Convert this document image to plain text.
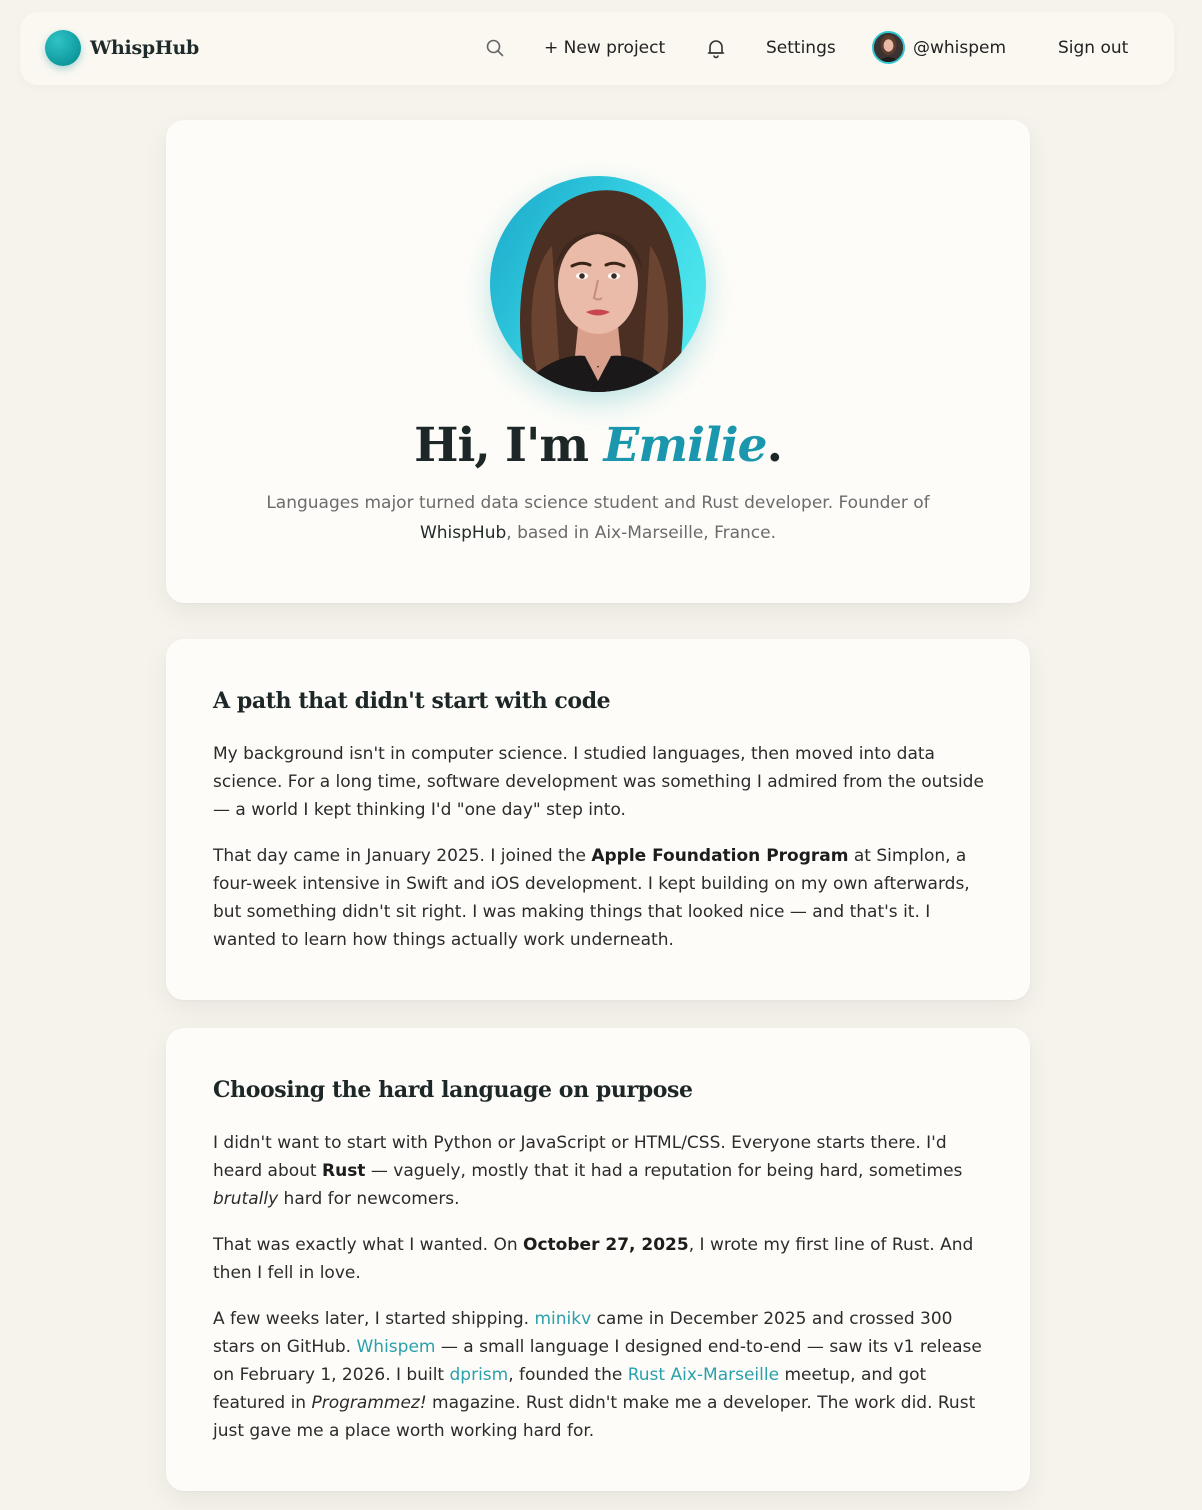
WhispHub	+ New project	Settings	@whispem	Sign out
Hi, I'm Emilie.

Languages major turned data science student and Rust developer. Founder of WhispHub, based in Aix-Marseille, France.

A path that didn't start with code

My background isn't in computer science. I studied languages, then moved into data science. For a long time, software development was something I admired from the outside — a world I kept thinking I'd "one day" step into.

That day came in January 2025. I joined the Apple Foundation Program at Simplon, a four-week intensive in Swift and iOS development. I kept building on my own afterwards, but something didn't sit right. I was making things that looked nice — and that's it. I wanted to learn how things actually work underneath.

Choosing the hard language on purpose

I didn't want to start with Python or JavaScript or HTML/CSS. Everyone starts there. I'd heard about Rust — vaguely, mostly that it had a reputation for being hard, sometimes brutally hard for newcomers.

That was exactly what I wanted. On October 27, 2025, I wrote my first line of Rust. And then I fell in love.

A few weeks later, I started shipping. minikv came in December 2025 and crossed 300 stars on GitHub. Whispem — a small language I designed end-to-end — saw its v1 release on February 1, 2026. I built dprism, founded the Rust Aix-Marseille meetup, and got featured in Programmez! magazine. Rust didn't make me a developer. The work did. Rust just gave me a place worth working hard for.
